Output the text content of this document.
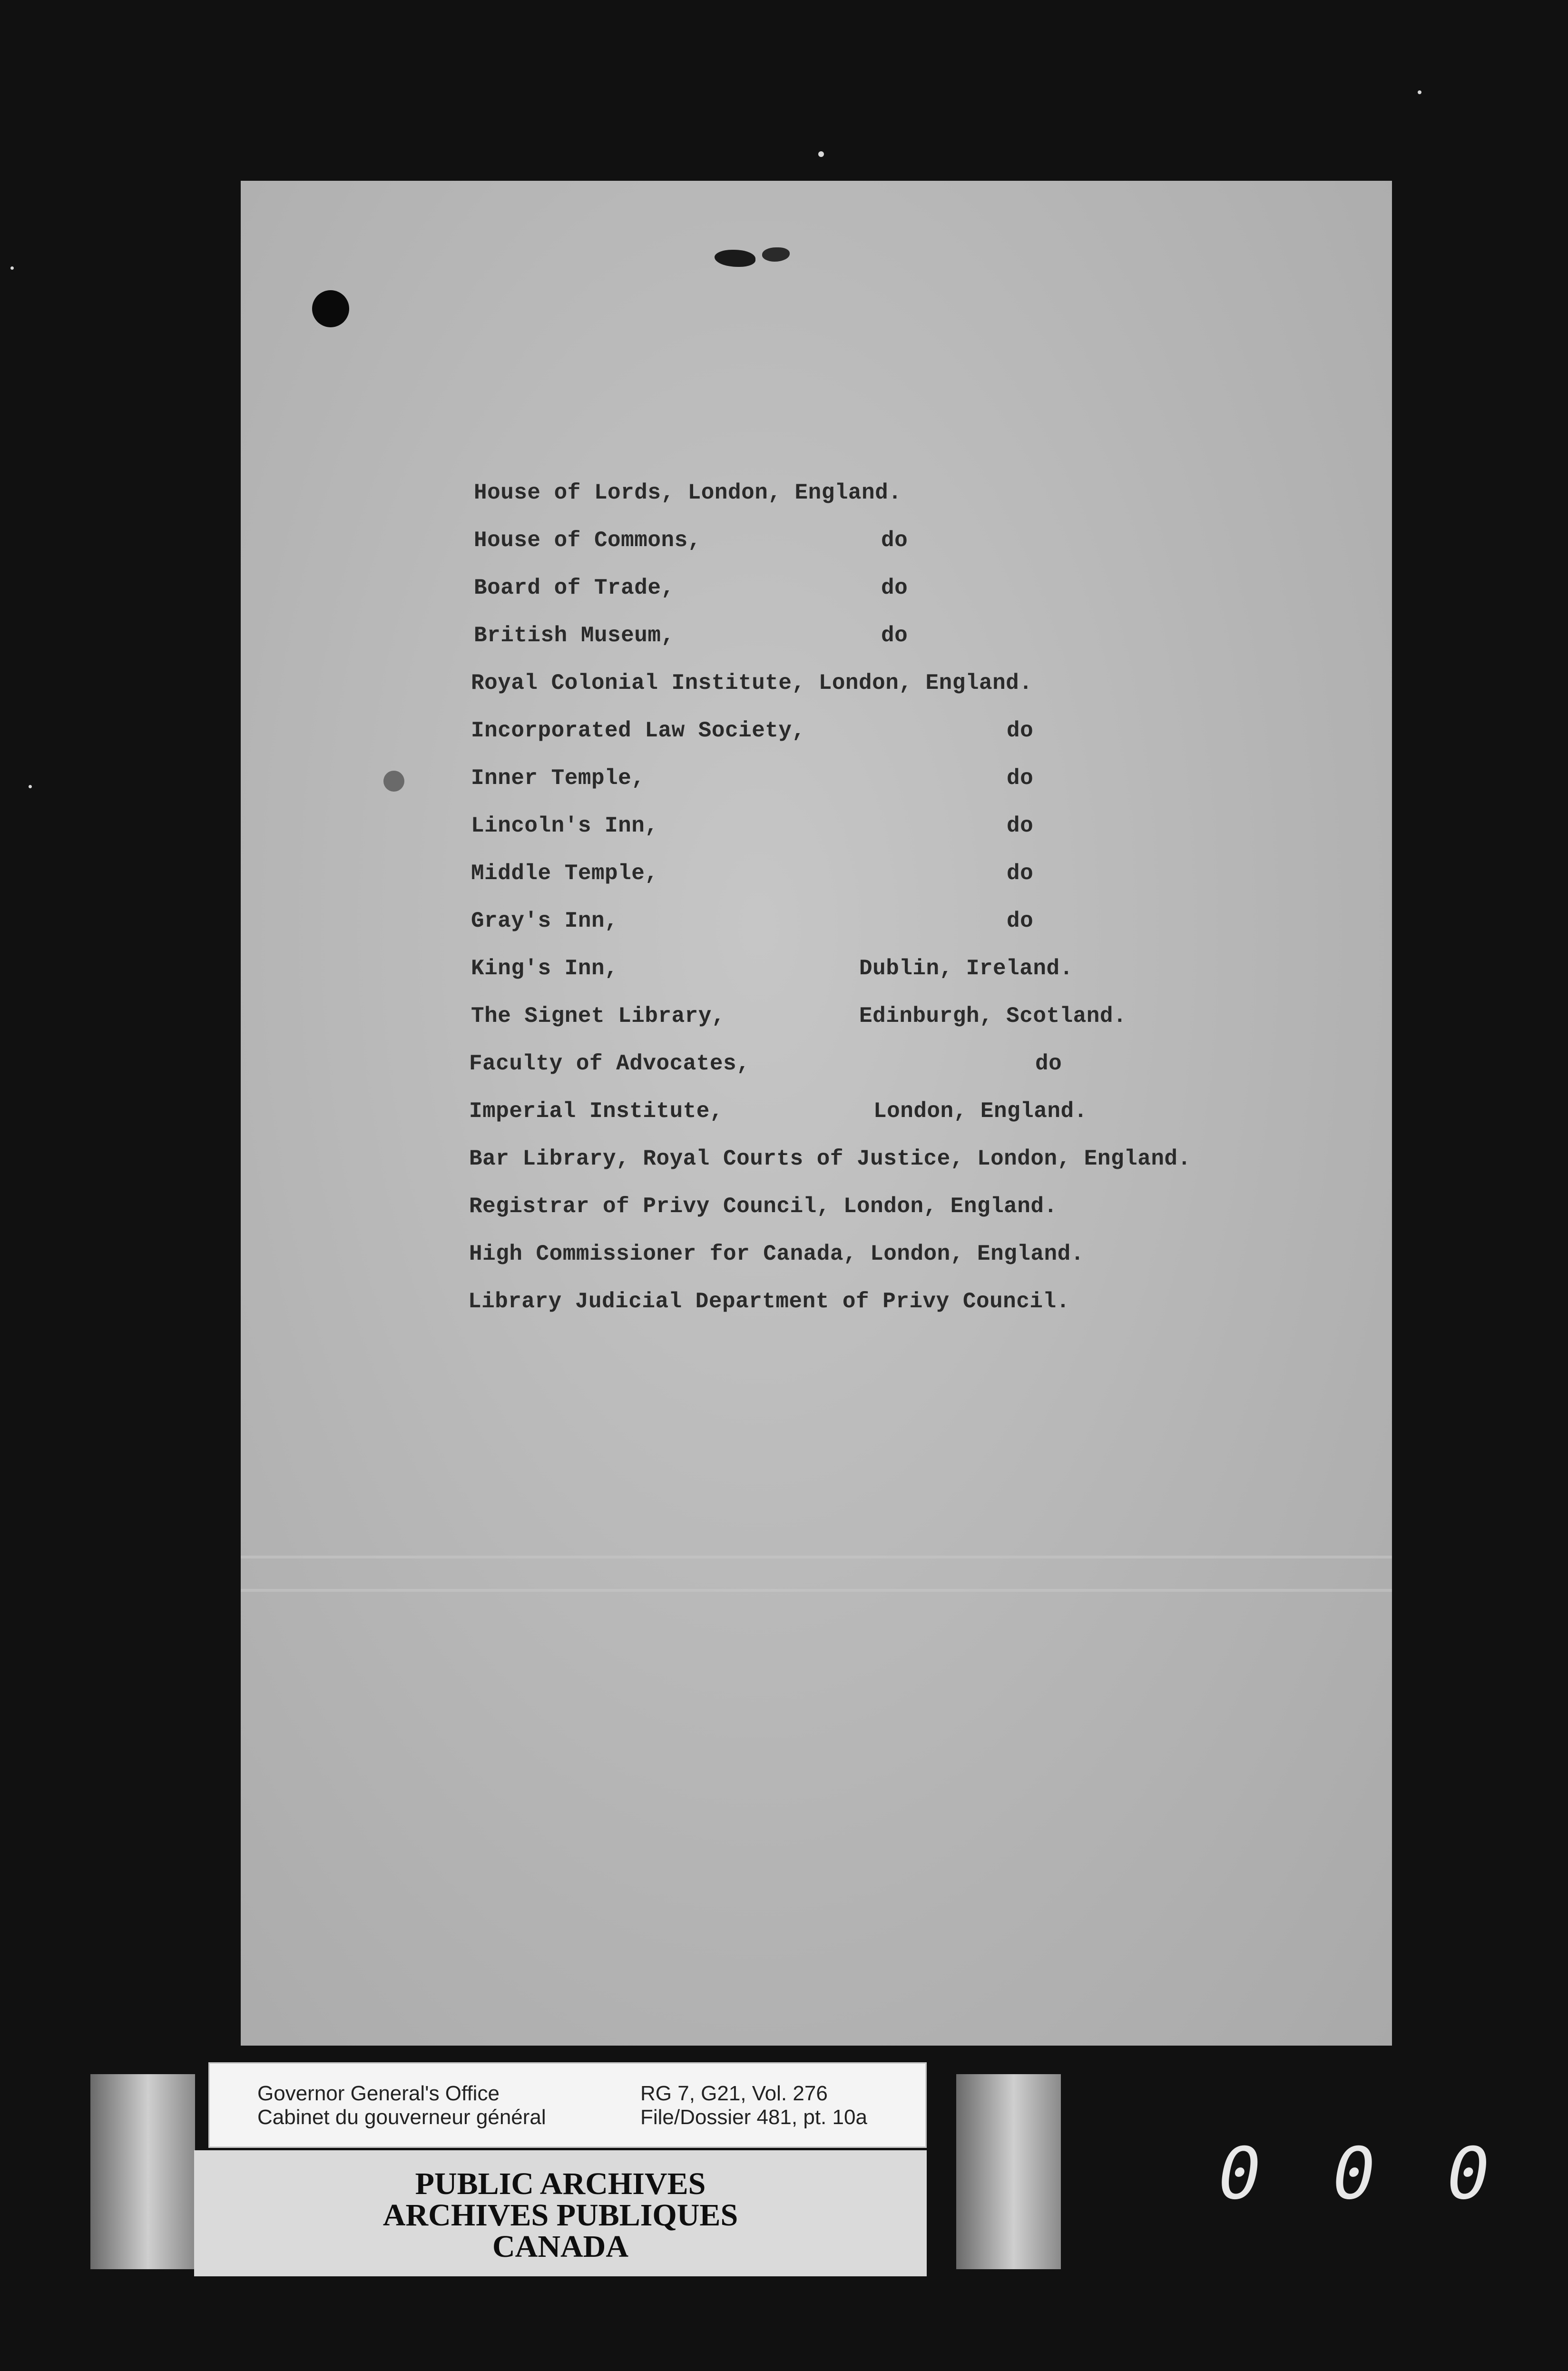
House of Lords, London, England.
House of Commons,	do
Board of Trade,	do
British Museum,	do
Royal Colonial Institute, London, England.
Incorporated Law Society,	do
Inner Temple,	do
Lincoln's Inn,	do
Middle Temple,	do
Gray's Inn,	do
King's Inn,	Dublin, Ireland.
The Signet Library,	Edinburgh, Scotland.
Faculty of Advocates,	do
Imperial Institute,	London, England.
Bar Library, Royal Courts of Justice, London, England.
Registrar of Privy Council, London, England.
High Commissioner for Canada, London, England.
Library Judicial Department of Privy Council.
Governor General's Office
Cabinet du gouverneur général
RG 7, G21, Vol. 276
File/Dossier 481, pt. 10a
PUBLIC ARCHIVES
ARCHIVES PUBLIQUES
CANADA
000
